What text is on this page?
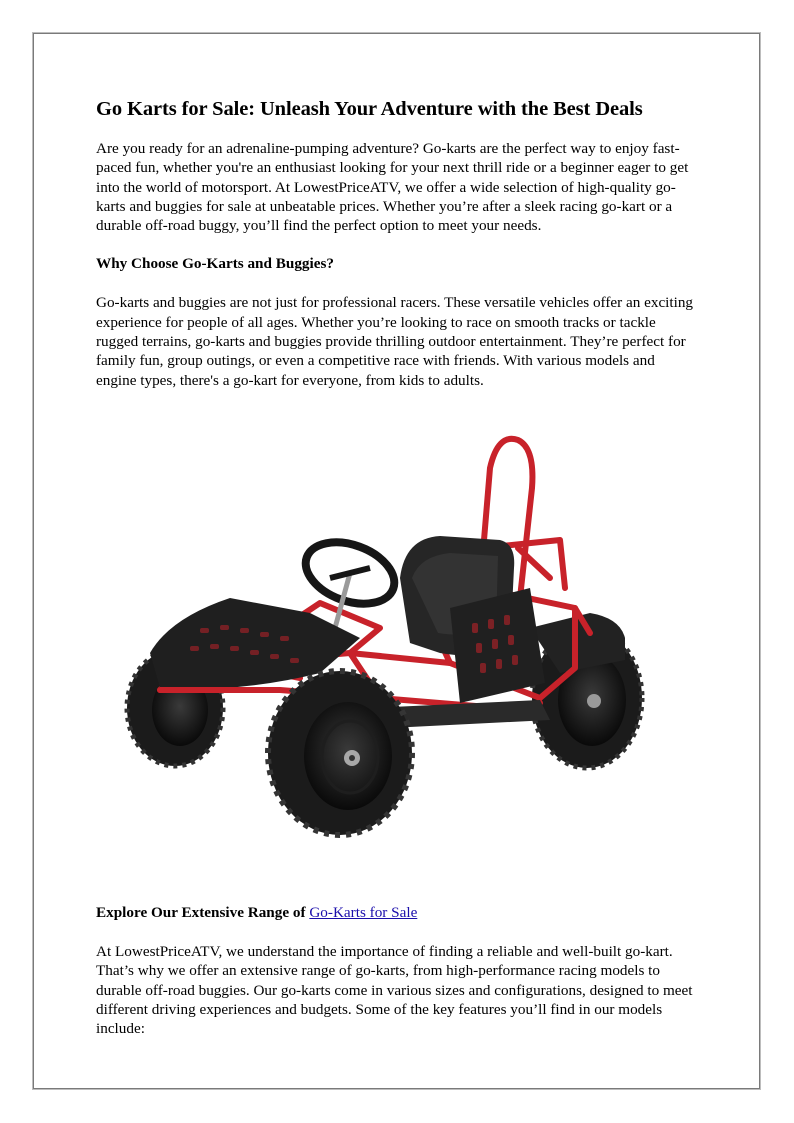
Go Karts for Sale: Unleash Your Adventure with the Best Deals

Are you ready for an adrenaline-pumping adventure? Go-karts are the perfect way to enjoy fast-paced fun, whether you're an enthusiast looking for your next thrill ride or a beginner eager to get into the world of motorsport. At LowestPriceATV, we offer a wide selection of high-quality go-karts and buggies for sale at unbeatable prices. Whether you’re after a sleek racing go-kart or a durable off-road buggy, you’ll find the perfect option to meet your needs.

Why Choose Go-Karts and Buggies?

Go-karts and buggies are not just for professional racers. These versatile vehicles offer an exciting experience for people of all ages. Whether you’re looking to race on smooth tracks or tackle rugged terrains, go-karts and buggies provide thrilling outdoor entertainment. They’re perfect for family fun, group outings, or even a competitive race with friends. With various models and engine types, there's a go-kart for everyone, from kids to adults.

Explore Our Extensive Range of Go-Karts for Sale

At LowestPriceATV, we understand the importance of finding a reliable and well-built go-kart. That’s why we offer an extensive range of go-karts, from high-performance racing models to durable off-road buggies. Our go-karts come in various sizes and configurations, designed to meet different driving experiences and budgets. Some of the key features you’ll find in our models include:
